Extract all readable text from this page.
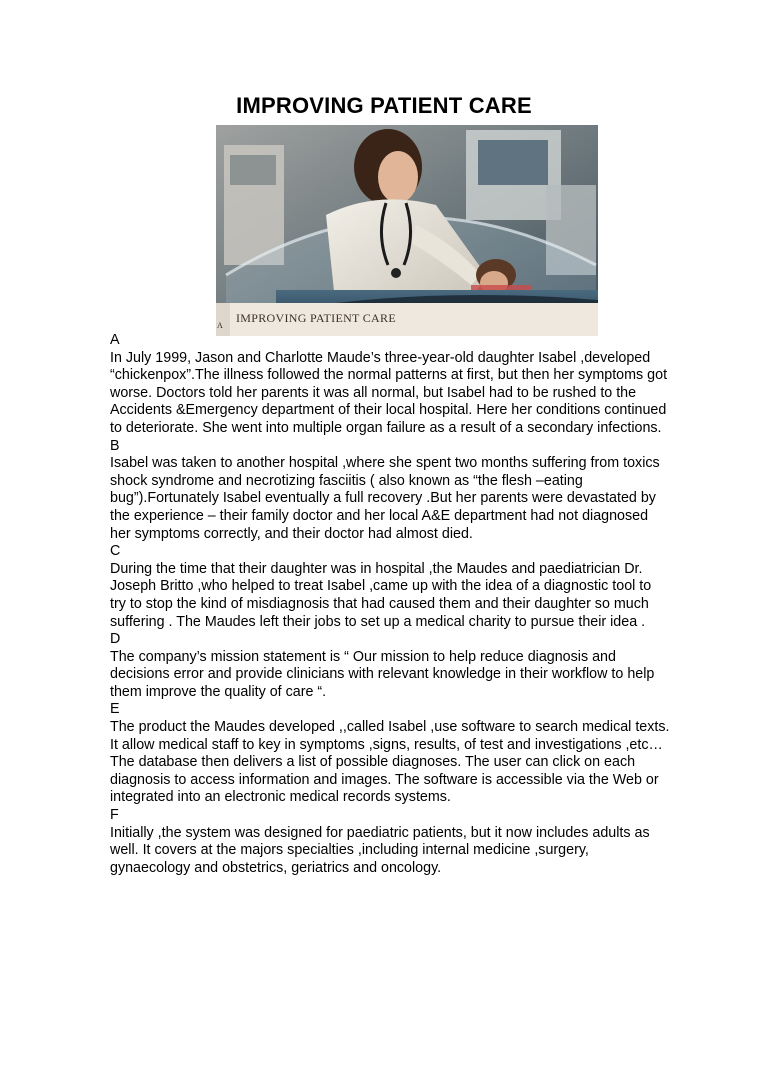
IMPROVING PATIENT CARE
IMPROVING PATIENT CARE
A
A
In July 1999, Jason and Charlotte Maude’s three-year-old daughter Isabel ,developed “chickenpox”.The illness followed the normal patterns at first, but then her symptoms got worse. Doctors told her parents it was all normal, but Isabel had to be rushed to the Accidents &Emergency department of their local hospital. Here her conditions continued to deteriorate. She went into multiple organ failure as a result of a secondary infections.
B
Isabel was taken to another hospital ,where she spent two months suffering from toxics shock syndrome and necrotizing fasciitis ( also known as “the flesh –eating bug”).Fortunately Isabel eventually a full recovery .But her parents were devastated by the experience – their family doctor and her local A&E department had not diagnosed her symptoms correctly, and their doctor had almost died.
C
During the time that their daughter was in hospital ,the Maudes and paediatrician Dr. Joseph Britto ,who helped to treat Isabel ,came up with the idea of a diagnostic tool to try to stop the kind of misdiagnosis that had caused them and their daughter so much suffering . The Maudes left their jobs to set up a medical charity to pursue their idea .
D
The company’s mission statement is “ Our mission to help reduce diagnosis and decisions error and provide clinicians with relevant knowledge in their workflow to help them improve the quality of care “.
E
The product the Maudes developed ,,called Isabel ,use software to search medical texts. It allow medical staff to key in symptoms ,signs, results, of test and investigations ,etc…The database then delivers a list of possible diagnoses. The user can click on each diagnosis to access information and images. The software is accessible via the Web or integrated into an electronic medical records systems.
F
Initially ,the system was designed for paediatric patients, but it now includes adults as well. It covers at the majors specialties ,including internal medicine ,surgery, gynaecology and obstetrics, geriatrics and oncology.
